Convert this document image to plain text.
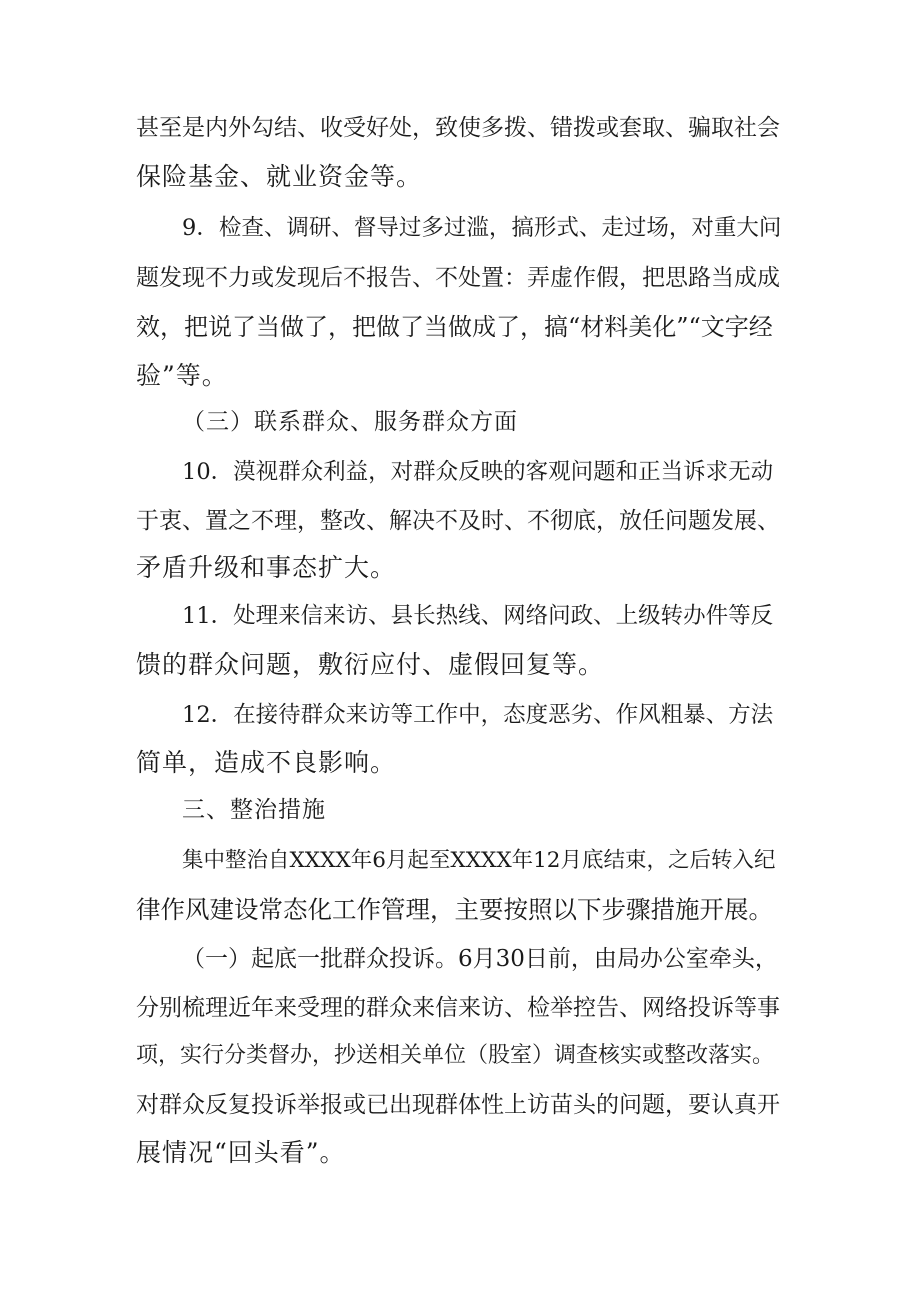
甚至是内外勾结、收受好处，致使多拨、错拨或套取、骗取社会
保险基金、就业资金等。
9．检查、调研、督导过多过滥，搞形式、走过场，对重大问
题发现不力或发现后不报告、不处置：弄虚作假，把思路当成成
效，把说了当做了，把做了当做成了，搞“材料美化”“文字经
验”等。
（三）联系群众、服务群众方面
10．漠视群众利益，对群众反映的客观问题和正当诉求无动
于衷、置之不理，整改、解决不及时、不彻底，放任问题发展、
矛盾升级和事态扩大。
11．处理来信来访、县长热线、网络问政、上级转办件等反
馈的群众问题，敷衍应付、虚假回复等。
12．在接待群众来访等工作中，态度恶劣、作风粗暴、方法
简单，造成不良影响。
三、整治措施
集中整治自XXXX年6月起至XXXX年12月底结束，之后转入纪
律作风建设常态化工作管理，主要按照以下步骤措施开展。
（一）起底一批群众投诉。6月30日前，由局办公室牵头，
分别梳理近年来受理的群众来信来访、检举控告、网络投诉等事
项，实行分类督办，抄送相关单位（股室）调查核实或整改落实。
对群众反复投诉举报或已出现群体性上访苗头的问题，要认真开
展情况“回头看”。
